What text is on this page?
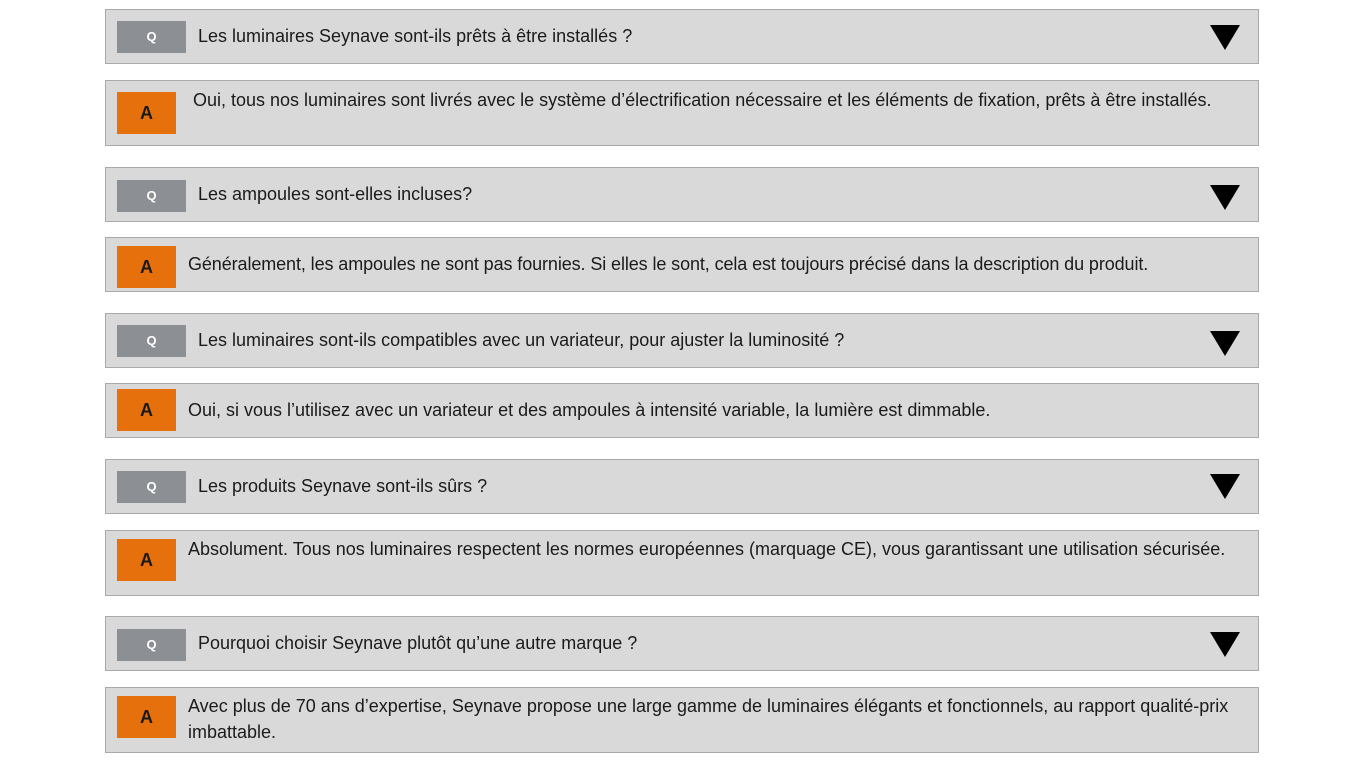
Q	Les luminaires Seynave sont-ils prêts à être installés ?
A
Oui, tous nos luminaires sont livrés avec le système d’électrification nécessaire et les éléments de fixation, prêts à être installés.
Q	Les ampoules sont-elles incluses?
A	Généralement, les ampoules ne sont pas fournies. Si elles le sont, cela est toujours précisé dans la description du produit.
Q	Les luminaires sont-ils compatibles avec un variateur, pour ajuster la luminosité ?
A	Oui, si vous l’utilisez avec un variateur et des ampoules à intensité variable, la lumière est dimmable.
Q	Les produits Seynave sont-ils sûrs ?
A
Absolument. Tous nos luminaires respectent les normes européennes (marquage CE), vous garantissant une utilisation sécurisée.
Q	Pourquoi choisir Seynave plutôt qu’une autre marque ?
A
Avec plus de 70 ans d’expertise, Seynave propose une large gamme de luminaires élégants et fonctionnels, au rapport qualité-prix imbattable.
